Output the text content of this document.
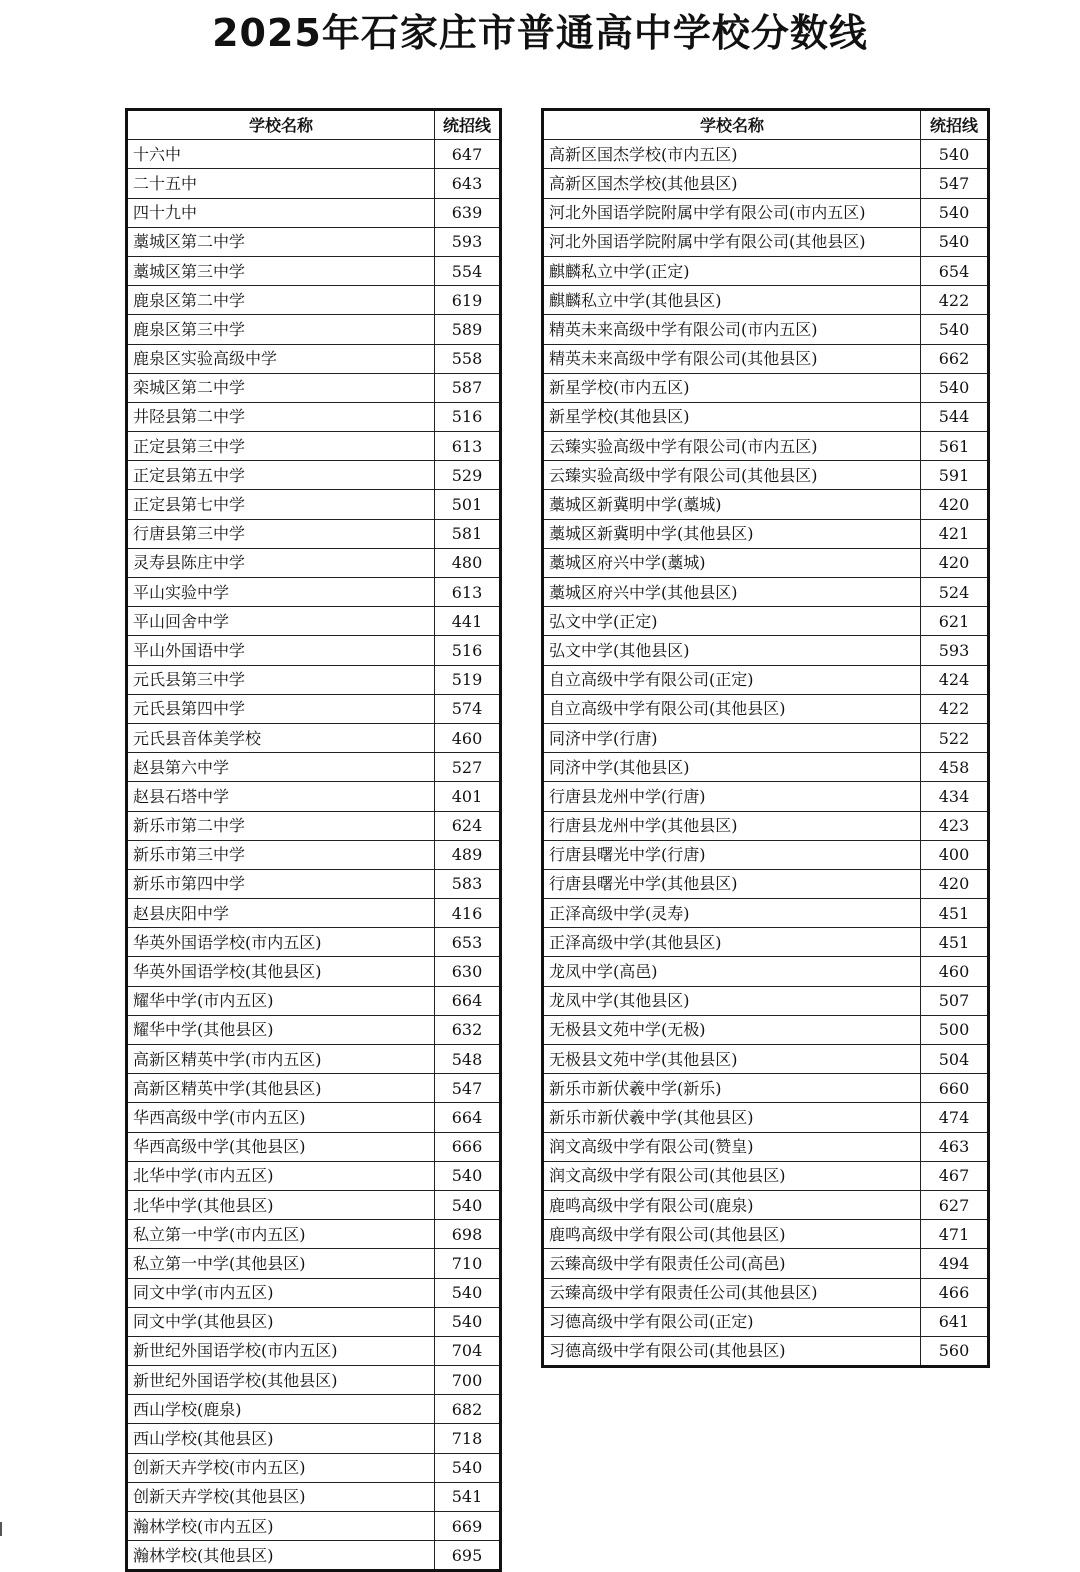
2025年石家庄市普通高中学校分数线
学校名称	统招线
十六中	647
二十五中	643
四十九中	639
藁城区第二中学	593
藁城区第三中学	554
鹿泉区第二中学	619
鹿泉区第三中学	589
鹿泉区实验高级中学	558
栾城区第二中学	587
井陉县第二中学	516
正定县第三中学	613
正定县第五中学	529
正定县第七中学	501
行唐县第三中学	581
灵寿县陈庄中学	480
平山实验中学	613
平山回舍中学	441
平山外国语中学	516
元氏县第三中学	519
元氏县第四中学	574
元氏县音体美学校	460
赵县第六中学	527
赵县石塔中学	401
新乐市第二中学	624
新乐市第三中学	489
新乐市第四中学	583
赵县庆阳中学	416
华英外国语学校(市内五区)	653
华英外国语学校(其他县区)	630
耀华中学(市内五区)	664
耀华中学(其他县区)	632
高新区精英中学(市内五区)	548
高新区精英中学(其他县区)	547
华西高级中学(市内五区)	664
华西高级中学(其他县区)	666
北华中学(市内五区)	540
北华中学(其他县区)	540
私立第一中学(市内五区)	698
私立第一中学(其他县区)	710
同文中学(市内五区)	540
同文中学(其他县区)	540
新世纪外国语学校(市内五区)	704
新世纪外国语学校(其他县区)	700
西山学校(鹿泉)	682
西山学校(其他县区)	718
创新天卉学校(市内五区)	540
创新天卉学校(其他县区)	541
瀚林学校(市内五区)	669
瀚林学校(其他县区)	695
学校名称	统招线
高新区国杰学校(市内五区)	540
高新区国杰学校(其他县区)	547
河北外国语学院附属中学有限公司(市内五区)	540
河北外国语学院附属中学有限公司(其他县区)	540
麒麟私立中学(正定)	654
麒麟私立中学(其他县区)	422
精英未来高级中学有限公司(市内五区)	540
精英未来高级中学有限公司(其他县区)	662
新星学校(市内五区)	540
新星学校(其他县区)	544
云臻实验高级中学有限公司(市内五区)	561
云臻实验高级中学有限公司(其他县区)	591
藁城区新冀明中学(藁城)	420
藁城区新冀明中学(其他县区)	421
藁城区府兴中学(藁城)	420
藁城区府兴中学(其他县区)	524
弘文中学(正定)	621
弘文中学(其他县区)	593
自立高级中学有限公司(正定)	424
自立高级中学有限公司(其他县区)	422
同济中学(行唐)	522
同济中学(其他县区)	458
行唐县龙州中学(行唐)	434
行唐县龙州中学(其他县区)	423
行唐县曙光中学(行唐)	400
行唐县曙光中学(其他县区)	420
正泽高级中学(灵寿)	451
正泽高级中学(其他县区)	451
龙凤中学(高邑)	460
龙凤中学(其他县区)	507
无极县文苑中学(无极)	500
无极县文苑中学(其他县区)	504
新乐市新伏羲中学(新乐)	660
新乐市新伏羲中学(其他县区)	474
润文高级中学有限公司(赞皇)	463
润文高级中学有限公司(其他县区)	467
鹿鸣高级中学有限公司(鹿泉)	627
鹿鸣高级中学有限公司(其他县区)	471
云臻高级中学有限责任公司(高邑)	494
云臻高级中学有限责任公司(其他县区)	466
习德高级中学有限公司(正定)	641
习德高级中学有限公司(其他县区)	560
